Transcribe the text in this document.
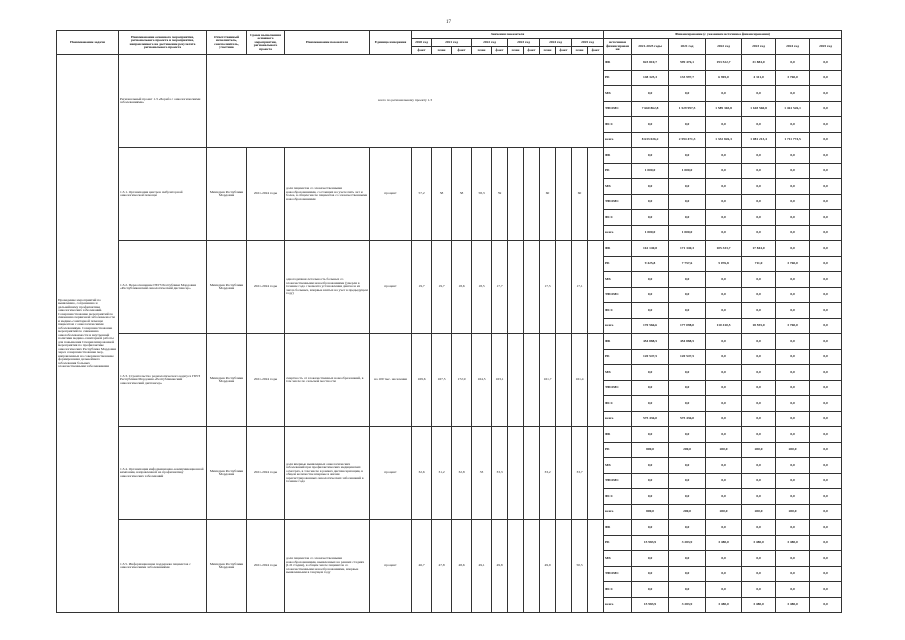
17
Наименование задачи	Наименование основного мероприятия, регионального проекта и мероприятия, направленного на достижение результата регионального проекта	Ответственный исполнитель, соисполнитель, участник	Сроки выполнения основного мероприятия, регионального проекта	Наименование показателя	Единица измерения	Значения показателя											Финансирование (с указанием источника финансирования)						
						2020 год	2021 год		2022 год		2023 год		2024 год		2025 год		источники финансирования	2021-2025 годы	2021 год	2022 год	2023 год	2024 год	2025 год
						факт	план	факт	план	факт	план	факт	план	факт	план	факт							
Проведение мероприятий по выявлению, сохранению и дальнейшему профилактике онкологических заболеваний. Совершенствование мероприятий по снижению первичной заболеваемости и медико-санитарной помощи пациентам с онкологическими заболеваниями. Совершенствование мероприятий по снижению онкозаболеваемости и внутренней политики медико-санитарной работы для повышения Специализированной мероприятия по профилактике онкологических Республика Мордовия через совершенствование мер, направленных на совершенствование формирования дальнейшего заболевания больных злокачественными заболеваниями	Региональный проект 1.3 «Борьба с онкологическими заболеваниями»	всего по региональному проекту 1.3															ФБ	823 810,7	599 476,1	193 522,7	31 884,0	0,0	0,0
																	РБ	148 325,3	133 997,7	6 905,0	4 311,0	3 760,0	0,0
																	МБ	0,0	0,0	0,0	0,0	0,0	0,0
																	ТФОМС	7 660 862,8	1 529 997,5	1 589 365,8	1 618 560,8	1 461 526,1	0,0
																	ФСС	0,0	0,0	0,0	0,0	0,0	0,0
																	всего	8 633 026,2	2 594 471,3	1 332 826,3	1 081 213,4	1 711 774,5	0,0
	1.3.1. Организация центров амбулаторной онкологической помощи	Минздрав Республики Мордовия	2021-2024 годы	доля пациентов со злокачественными новообразованиями, состоящих на учете пять лет и более, в общем числе пациентов со злокачественными новообразованиями	процент	57,2	58	58	58,3	59			60		60		ФБ	0,0	0,0	0,0	0,0	0,0	0,0
																	РБ	1 000,0	1 000,0	0,0	0,0	0,0	0,0
																	МБ	0,0	0,0	0,0	0,0	0,0	0,0
																	ТФОМС	0,0	0,0	0,0	0,0	0,0	0,0
																	ФСС	0,0	0,0	0,0	0,0	0,0	0,0
																	всего	1 000,0	1 000,0	0,0	0,0	0,0	0,0
	1.3.2. Переоснащение ГБУЗ Республики Мордовия «Республиканский онкологический диспансер»	Минздрав Республики Мордовия	2021-2024 годы	одногодичная летальность больных со злокачественными новообразованиями (умерли в течение года с момента установления диагноза из числа больных, впервые взятых на учет в предыдущем году)	процент	19,7	19,7	18,6	18,5	17,7			17,5		17,1		ФБ	161 140,8	171 340,3	105 333,7	17 844,0	0,0	0,0
																	РБ	9 425,8	7 757,6	5 076,8	711,0	3 760,0	0,0
																	МБ	0,0	0,0	0,0	0,0	0,0	0,0
																	ТФОМС	0,0	0,0	0,0	0,0	0,0	0,0
																	ФСС	0,0	0,0	0,0	0,0	0,0	0,0
																	всего	170 566,6	177 098,0	110 410,5	18 555,0	3 760,0	0,0
	1.3.3. Строительство радиологического корпуса ГБУЗ Республики Мордовия «Республиканский онкологический диспансер»	Минздрав Республики Мордовия	2021-2024 годы	смертность от злокачественных новообразований, в том числе по сельской местности	на 100 тыс. населения	169,6	167,5	172,9	164,5	163,1			161,7		161,4		ФБ	454 888,5	454 888,5	0,0	0,0	0,0	0,0
																	РБ	120 547,5	120 547,5	0,0	0,0	0,0	0,0
																	МБ	0,0	0,0	0,0	0,0	0,0	0,0
																	ТФОМС	0,0	0,0	0,0	0,0	0,0	0,0
																	ФСС	0,0	0,0	0,0	0,0	0,0	0,0
																	всего	575 436,0	575 436,0	0,0	0,0	0,0	0,0
	1.3.4. Организация информационно-коммуникационной кампании, направленной на профилактику онкологических заболеваний	Минздрав Республики Мордовия	2021-2024 годы	доля впервые выявленных онкологических заболеваний при профилактических медицинских осмотрах, в том числе в рамках диспансеризации, в общем количестве впервые в жизни зарегистрированных онкологических заболеваний в течение года	процент	32,6	31,2	32,8	33	33,3			33,2		33,7		ФБ	0,0	0,0	0,0	0,0	0,0	0,0
																	РБ	800,0	200,0	200,0	200,0	200,0	0,0
																	МБ	0,0	0,0	0,0	0,0	0,0	0,0
																	ТФОМС	0,0	0,0	0,0	0,0	0,0	0,0
																	ФСС	0,0	0,0	0,0	0,0	0,0	0,0
																	всего	800,0	200,0	200,0	200,0	200,0	0,0
	1.3.5. Информационная поддержка пациентов с онкологическими заболеваниями	Минздрав Республики Мордовия	2021-2024 годы	доля пациентов со злокачественными новообразованиями, выявленных на ранних стадиях (I-II стадии), в общем числе пациентов со злокачественными новообразованиями, впервые выявленными в текущем году	процент	46,7	47,8	48,6	49,1	49,8			49,9		50,5		ФБ	0,0	0,0	0,0	0,0	0,0	0,0
																	РБ	15 983,9	3 283,9	3 480,0	3 480,0	3 480,0	0,0
																	МБ	0,0	0,0	0,0	0,0	0,0	0,0
																	ТФОМС	0,0	0,0	0,0	0,0	0,0	0,0
																	ФСС	0,0	0,0	0,0	0,0	0,0	0,0
																	всего	15 983,9	3 283,9	3 480,0	3 480,0	3 480,0	0,0
